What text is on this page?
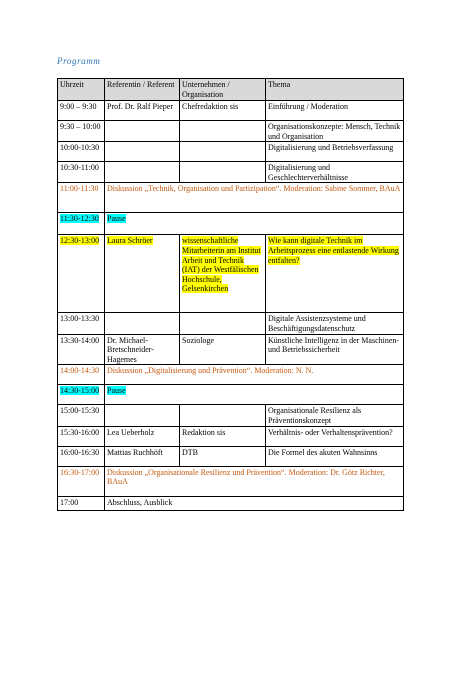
Programm
Uhrzeit	Referentin / Referent	Unternehmen / Organisation	Thema
9:00 – 9:30	Prof. Dr. Ralf Pieper	Chefredaktion sis	Einführung / Moderation
9:30 – 10:00			Organisationskonzepte: Mensch, Technik und Organisation
10:00-10:30			Digitalisierung und Betriebsverfassung
10:30-11:00			Digitalisierung und Geschlechterverhältnisse
11:00-11:30	Diskussion „Technik, Organisation und Partizipation“. Moderation: Sabine Sommer, BAuA		
11:30-12:30	Pause		
12:30-13:00	Laura Schröer	wissenschaftliche Mitarbeiterin am Institut Arbeit und Technik (IAT) der Westfälischen Hochschule, Gelsenkirchen	Wie kann digitale Technik im Arbeitsprozess eine entlastende Wirkung entfalten?
13:00-13:30			Digitale Assistenzsysteme und Beschäftigungsdatenschutz
13:30-14:00	Dr. Michael-Bretschneider-Hagemes	Soziologe	Künstliche Intelligenz in der Maschinen- und Betriebssicherheit
14:00-14:30	Diskussion „Digitalisierung und Prävention“. Moderation: N. N.		
14:30-15:00	Pause		
15:00-15:30			Organisationale Resilienz als Präventionskonzept
15:30-16:00	Lea Ueberholz	Redaktion sis	Verhältnis- oder Verhaltensprävention?
16:00-16:30	Mattias Ruchhöft	DTB	Die Formel des akuten Wahnsinns
16:30-17:00	Diskussion „Organisationale Resilienz und Prävention“. Moderation: Dr. Götz Richter, BAuA		
17:00	Abschluss, Ausblick		
